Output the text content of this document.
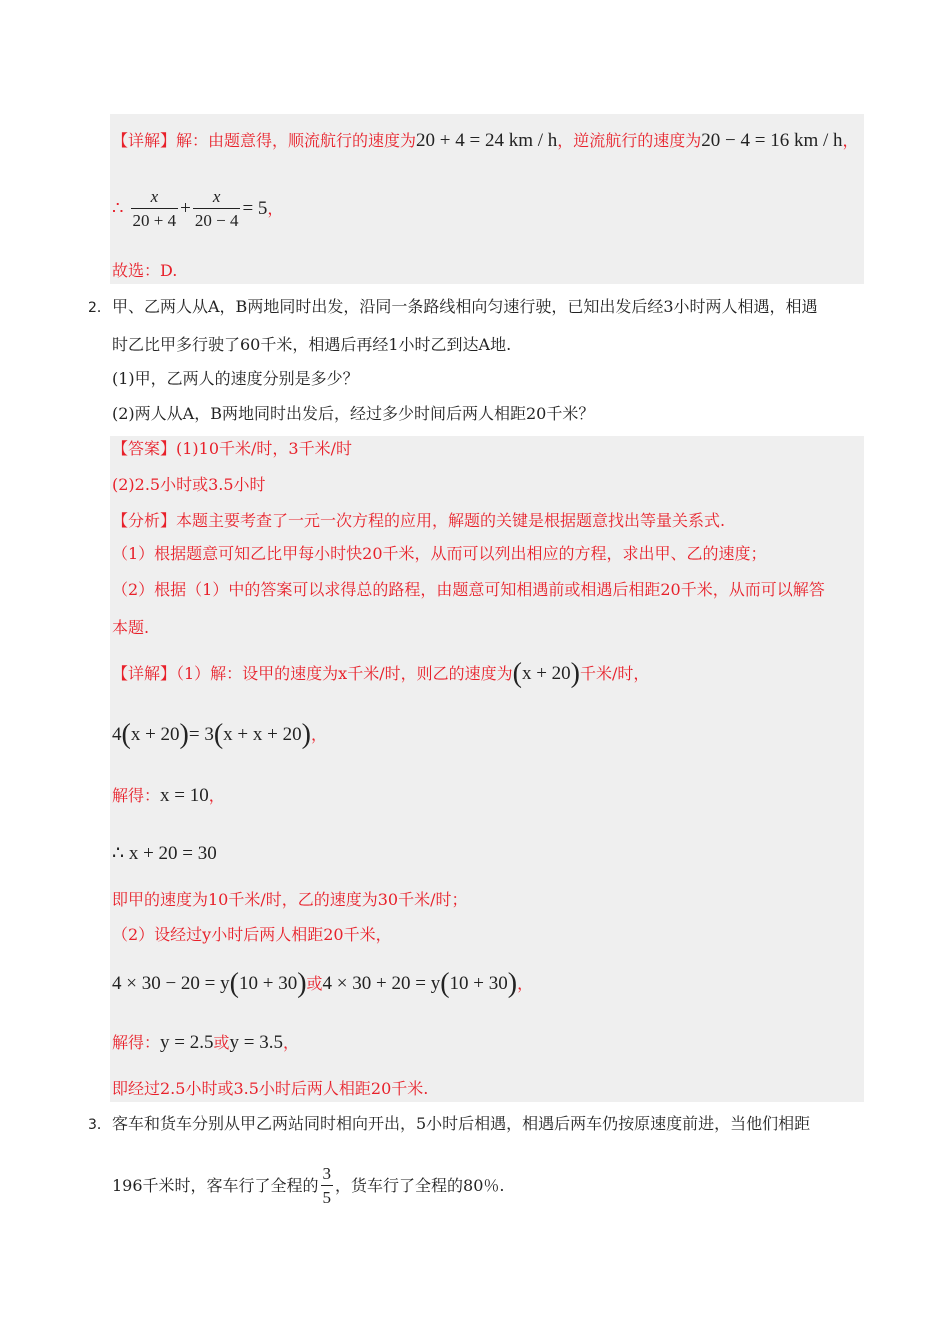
【详解】解：由题意得，顺流航行的速度为20 + 4 = 24 km / h，逆流航行的速度为20 − 4 = 16 km / h，
∴ $\frac{x}{20 + 4} + \frac{x}{20 - 4} = 5$，
故选：D.
2． 甲、乙两人从A，B两地同时出发，沿同一条路线相向匀速行驶，已知出发后经3小时两人相遇，相遇
时乙比甲多行驶了60千米，相遇后再经1小时乙到达A地.
(1)甲，乙两人的速度分别是多少？
(2)两人从A，B两地同时出发后，经过多少时间后两人相距20千米？
【答案】(1)10千米/时，3千米/时
(2)2.5小时或3.5小时
【分析】本题主要考查了一元一次方程的应用，解题的关键是根据题意找出等量关系式.
（1）根据题意可知乙比甲每小时快20千米，从而可以列出相应的方程，求出甲、乙的速度；
（2）根据（1）中的答案可以求得总的路程，由题意可知相遇前或相遇后相距20千米，从而可以解答
本题.
【详解】（1）解：设甲的速度为x千米/时，则乙的速度为(x + 20)千米/时，
4(x + 20)= 3(x + x + 20)，
解得：x = 10，
∴ x + 20 = 30
即甲的速度为10千米/时，乙的速度为30千米/时；
（2）设经过y小时后两人相距20千米，
4 × 30 − 20 = y(10 + 30)或4 × 30 + 20 = y(10 + 30)，
解得：y = 2.5或y = 3.5，
即经过2.5小时或3.5小时后两人相距20千米.
3． 客车和货车分别从甲乙两站同时相向开出，5小时后相遇，相遇后两车仍按原速度前进，当他们相距
196千米时，客车行了全程的 $\frac{3}{5}$ ，货车行了全程的80％.
